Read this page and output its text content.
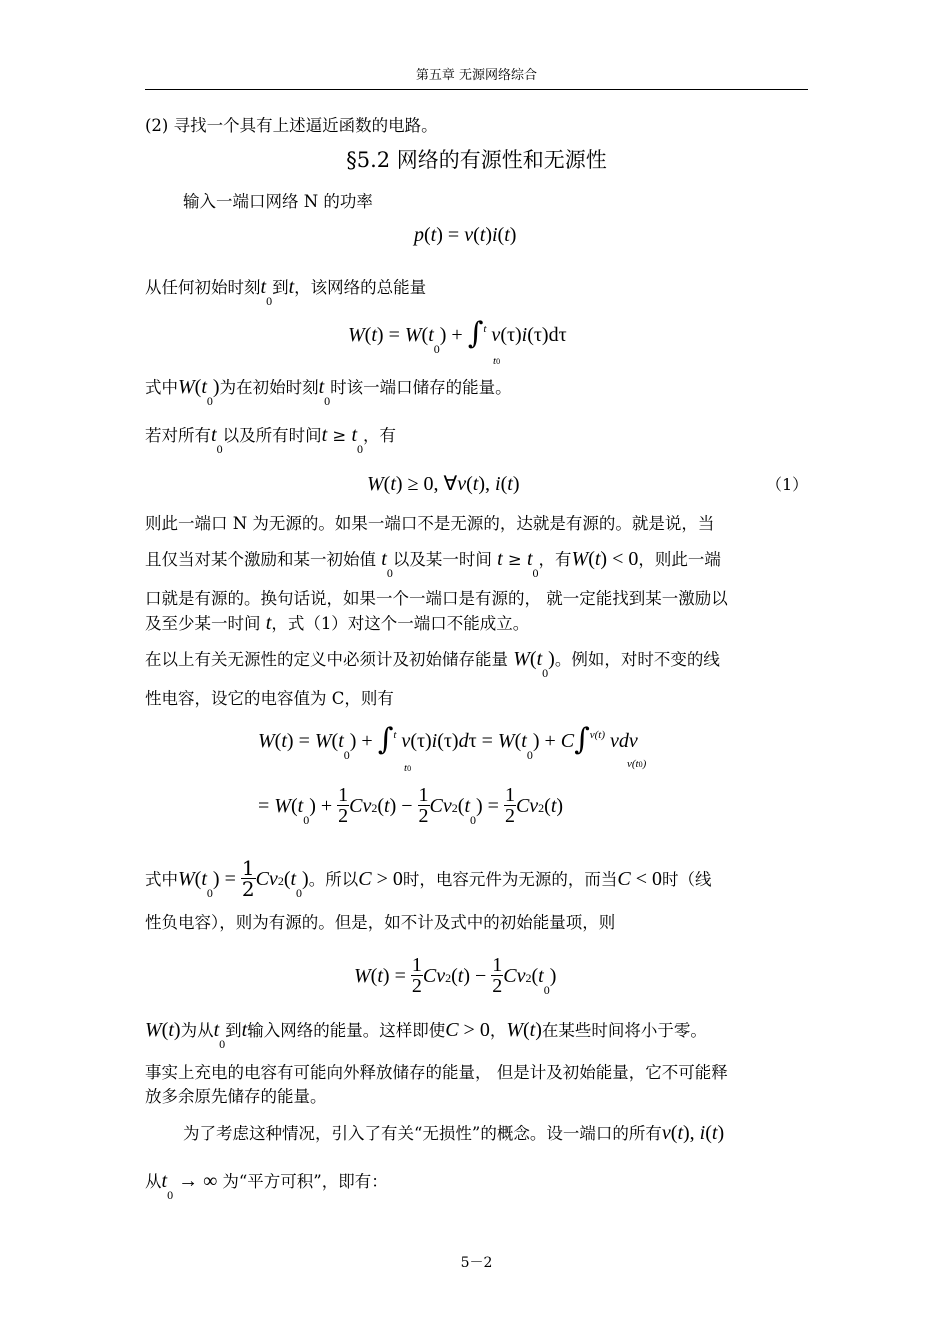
第五章 无源网络综合
(2) 寻找一个具有上述逼近函数的电路。
§5.2 网络的有源性和无源性
输入一端口网络 N 的功率
p(t) = v(t)i(t)
从任何初始时刻$t_0$到t，该网络的总能量
$W(t) = W(t_0) + \int^t$ v(τ)i(τ)dτ
t0
式中$W(t_0)$为在初始时刻$t_0$时该一端口储存的能量。
若对所有$t_0$以及所有时间$t \ge t_0$，有
W(t) ≥ 0, ∀v(t), i(t)	（1）
则此一端口 N 为无源的。如果一端口不是无源的，达就是有源的。就是说，当
且仅当对某个激励和某一初始值 $t_0$以及某一时间 $t \ge t_0$，有W(t) < 0，则此一端
口就是有源的。换句话说，如果一个一端口是有源的， 就一定能找到某一激励以
及至少某一时间 t，式（1）对这个一端口不能成立。
在以上有关无源性的定义中必须计及初始储存能量 $W(t_0)$。例如，对时不变的线
性电容，设它的电容值为 C，则有
$W(t) = W(t_0) + \int^t$ $v(\tau)i(\tau)d\tau = W(t_0) + C\int^{v(t)}$ vdv
t0	v(t0)
= $W(t_0) + \frac{1}{2} Cv2(t) - \frac{1}{2} Cv2(t_0) = \frac{1}{2} Cv2(t)$
式中$W(t_0) = \frac{1}{2} Cv2(t_0)$。所以C > 0时，电容元件为无源的，而当C < 0时（线
性负电容），则为有源的。但是，如不计及式中的初始能量项，则
$W(t) = \frac{1}{2} Cv2(t) - \frac{1}{2} Cv2(t_0)$
W(t)为从$t_0$到t输入网络的能量。这样即使C > 0，W(t)在某些时间将小于零。
事实上充电的电容有可能向外释放储存的能量， 但是计及初始能量，它不可能释
放多余原先储存的能量。
为了考虑这种情况，引入了有关“无损性”的概念。设一端口的所有v(t), i(t)
从$t_0$ → ∞ 为“平方可积”，即有：
5－2
